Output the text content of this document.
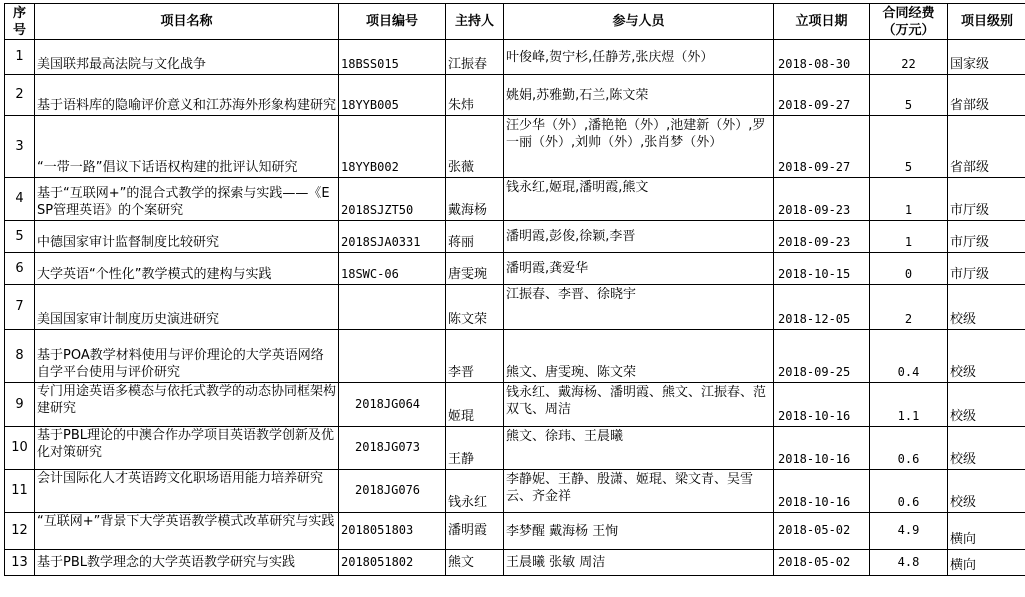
序号	项目名称	项目编号	主持人	参与人员	立项日期	合同经费（万元）	项目级别
1	美国联邦最高法院与文化战争	18BSS015	江振春	叶俊峰,贺宁杉,任静芳,张庆煜（外）	2018-08-30	22	国家级
2	基于语料库的隐喻评价意义和江苏海外形象构建研究	18YYB005	朱炜	姚娟,苏雅勤,石兰,陈文荣	2018-09-27	5	省部级
3	“一带一路”倡议下话语权构建的批评认知研究	18YYB002	张薇	汪少华（外）,潘艳艳（外）,池建新（外）,罗一丽（外）,刘帅（外）,张肖梦（外）	2018-09-27	5	省部级
4	基于“互联网+”的混合式教学的探索与实践——《ESP管理英语》的个案研究	2018SJZT50	戴海杨	钱永红,姬琨,潘明霞,熊文	2018-09-23	1	市厅级
5	中德国家审计监督制度比较研究	2018SJA0331	蒋丽	潘明霞,彭俊,徐颖,李晋	2018-09-23	1	市厅级
6	大学英语“个性化”教学模式的建构与实践	18SWC-06	唐雯琬	潘明霞,龚爱华	2018-10-15	0	市厅级
7	美国国家审计制度历史演进研究		陈文荣	江振春、李晋、徐晓宇	2018-12-05	2	校级
8	基于POA教学材料使用与评价理论的大学英语网络自学平台使用与评价研究		李晋	熊文、唐雯琬、陈文荣	2018-09-25	0.4	校级
9	专门用途英语多模态与依托式教学的动态协同框架构建研究	2018JG064	姬琨	钱永红、戴海杨、潘明霞、熊文、江振春、范双飞、周洁	2018-10-16	1.1	校级
10	基于PBL理论的中澳合作办学项目英语教学创新及优化对策研究	2018JG073	王静	熊文、徐玮、王晨曦	2018-10-16	0.6	校级
11	会计国际化人才英语跨文化职场语用能力培养研究	2018JG076	钱永红	李静妮、王静、殷潇、姬琨、梁文青、吴雪云、齐金祥	2018-10-16	0.6	校级
12	“互联网+”背景下大学英语教学模式改革研究与实践	2018051803	潘明霞	李梦醒 戴海杨 王恂	2018-05-02	4.9	横向
13	基于PBL教学理念的大学英语教学研究与实践	2018051802	熊文	王晨曦 张敏 周洁	2018-05-02	4.8	横向
